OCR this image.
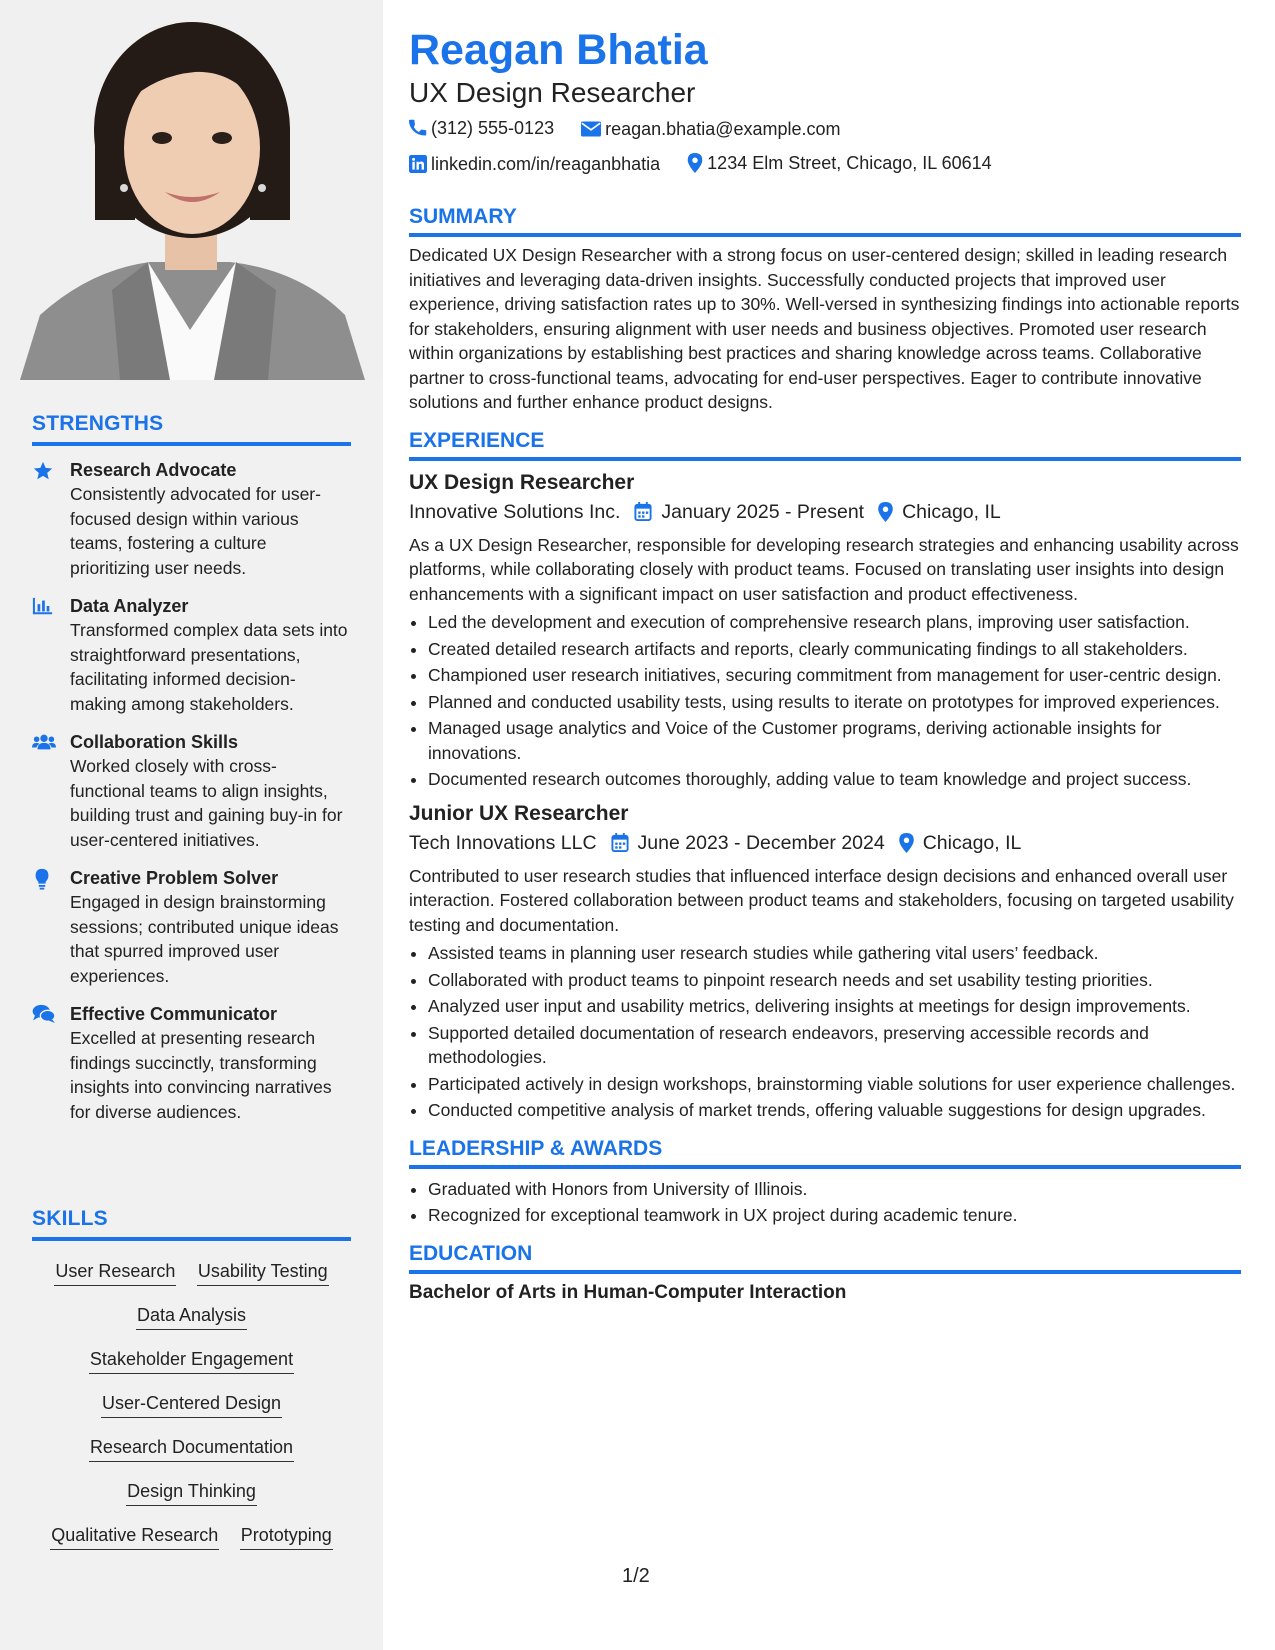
STRENGTHS
Research Advocate
Consistently advocated for user-focused design within various teams, fostering a culture prioritizing user needs.
Data Analyzer
Transformed complex data sets into straightforward presentations, facilitating informed decision-making among stakeholders.
Collaboration Skills
Worked closely with cross-functional teams to align insights, building trust and gaining buy-in for user-centered initiatives.
Creative Problem Solver
Engaged in design brainstorming sessions; contributed unique ideas that spurred improved user experiences.
Effective Communicator
Excelled at presenting research findings succinctly, transforming insights into convincing narratives for diverse audiences.
SKILLS
User Research Usability Testing
Data Analysis
Stakeholder Engagement
User-Centered Design
Research Documentation
Design Thinking
Qualitative Research Prototyping
Reagan Bhatia
UX Design Researcher
(312) 555-0123
	reagan.bhatia@example.com
linkedin.com/in/reaganbhatia
	1234 Elm Street, Chicago, IL 60614
SUMMARY
Dedicated UX Design Researcher with a strong focus on user-centered design; skilled in leading research initiatives and leveraging data-driven insights. Successfully conducted projects that improved user experience, driving satisfaction rates up to 30%. Well-versed in synthesizing findings into actionable reports for stakeholders, ensuring alignment with user needs and business objectives. Promoted user research within organizations by establishing best practices and sharing knowledge across teams. Collaborative partner to cross-functional teams, advocating for end-user perspectives. Eager to contribute innovative solutions and further enhance product designs.
EXPERIENCE
UX Design Researcher
Innovative Solutions Inc. January 2025 - Present Chicago, IL
As a UX Design Researcher, responsible for developing research strategies and enhancing usability across platforms, while collaborating closely with product teams. Focused on translating user insights into design enhancements with a significant impact on user satisfaction and product effectiveness.
• Led the development and execution of comprehensive research plans, improving user satisfaction.
• Created detailed research artifacts and reports, clearly communicating findings to all stakeholders.
• Championed user research initiatives, securing commitment from management for user-centric design.
• Planned and conducted usability tests, using results to iterate on prototypes for improved experiences.
• Managed usage analytics and Voice of the Customer programs, deriving actionable insights for innovations.
• Documented research outcomes thoroughly, adding value to team knowledge and project success.
Junior UX Researcher
Tech Innovations LLC June 2023 - December 2024 Chicago, IL
Contributed to user research studies that influenced interface design decisions and enhanced overall user interaction. Fostered collaboration between product teams and stakeholders, focusing on targeted usability testing and documentation.
• Assisted teams in planning user research studies while gathering vital users’ feedback.
• Collaborated with product teams to pinpoint research needs and set usability testing priorities.
• Analyzed user input and usability metrics, delivering insights at meetings for design improvements.
• Supported detailed documentation of research endeavors, preserving accessible records and methodologies.
• Participated actively in design workshops, brainstorming viable solutions for user experience challenges.
• Conducted competitive analysis of market trends, offering valuable suggestions for design upgrades.
LEADERSHIP & AWARDS
• Graduated with Honors from University of Illinois.
• Recognized for exceptional teamwork in UX project during academic tenure.
EDUCATION
Bachelor of Arts in Human-Computer Interaction
1/2
